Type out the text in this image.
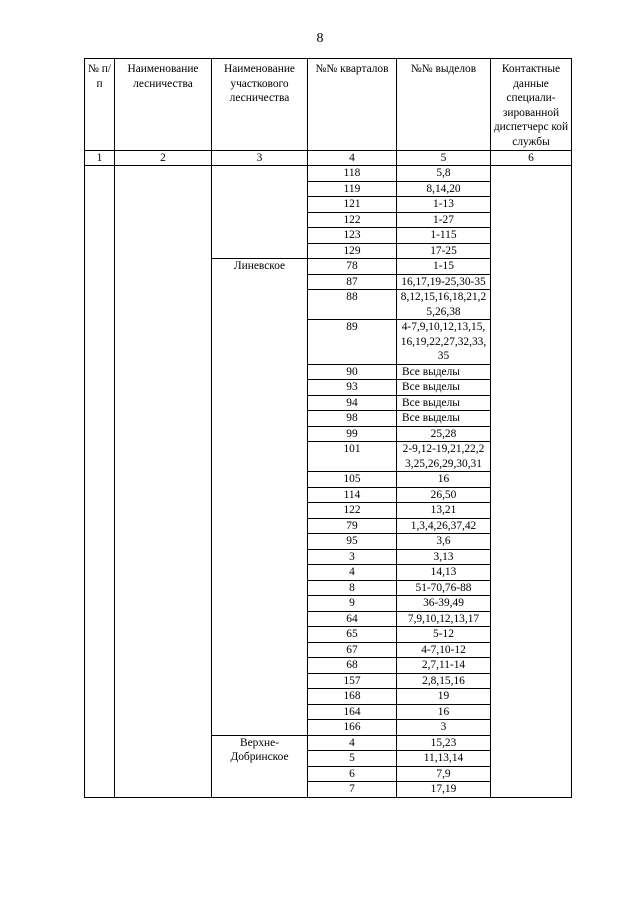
8
№ п/п	Наименование лесничества	Наименование участкового лесничества	№№ кварталов	№№ выделов	Контактные данные специали- зированной диспетчерс кой службы
1	2	3	4	5	6
			118	5,8	
			119	8,14,20	
			121	1-13	
			122	1-27	
			123	1-115	
			129	17-25	
		Линевское	78	1-15	
			87	16,17,19-25,30-35	
			88	8,12,15,16,18,21,25,26,38	
			89	4-7,9,10,12,13,15,16,19,22,27,32,33,35	
			90	Все выделы	
			93	Все выделы	
			94	Все выделы	
			98	Все выделы	
			99	25,28	
			101	2-9,12-19,21,22,23,25,26,29,30,31	
			105	16	
			114	26,50	
			122	13,21	
			79	1,3,4,26,37,42	
			95	3,6	
			3	3,13	
			4	14,13	
			8	51-70,76-88	
			9	36-39,49	
			64	7,9,10,12,13,17	
			65	5-12	
			67	4-7,10-12	
			68	2,7,11-14	
			157	2,8,15,16	
			168	19	
			164	16	
			166	3	
		Верхне-Добринское	4	15,23	
			5	11,13,14	
			6	7,9	
			7	17,19	
